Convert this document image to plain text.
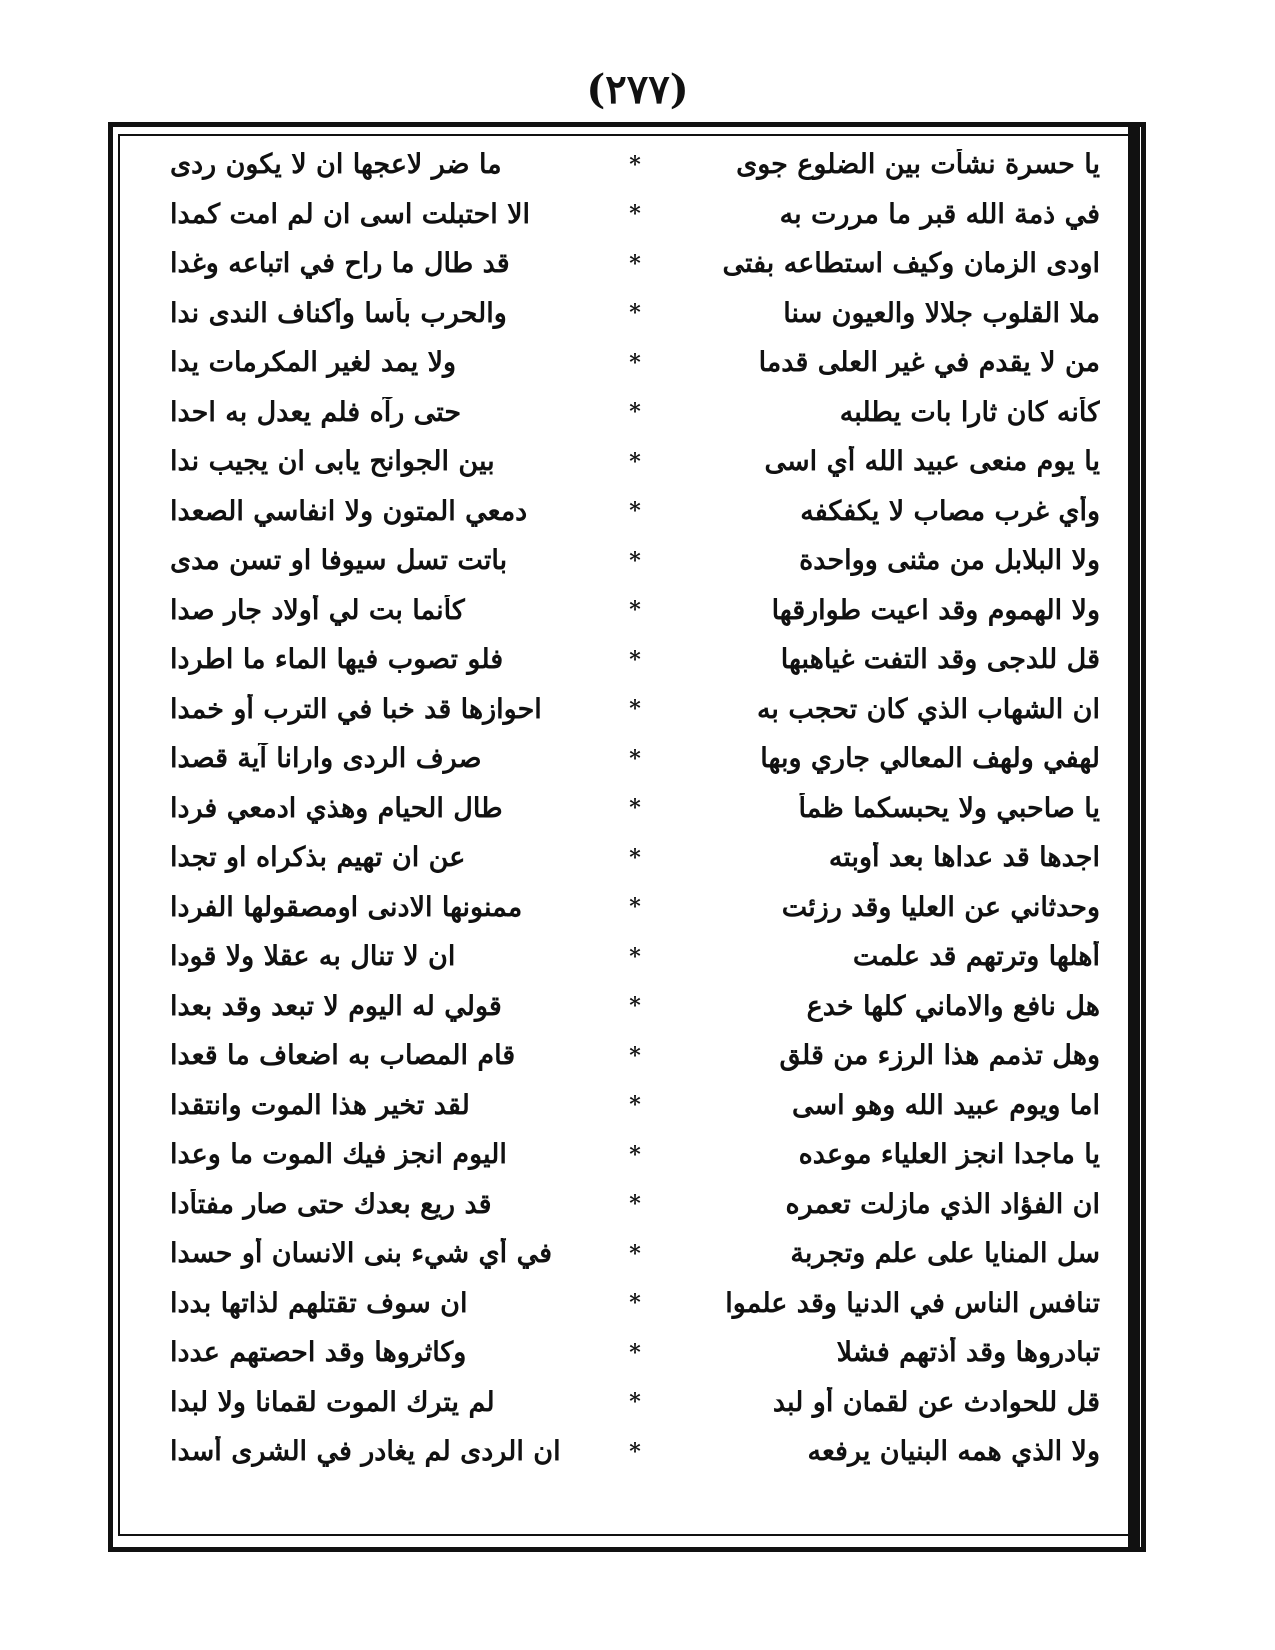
(٢٧٧)
يا حسرة نشأت بين الضلوع جوى
*
ما ضر لاعجها ان لا يكون ردى
في ذمة الله قبر ما مررت به
*
الا احتبلت اسى ان لم امت كمدا
اودى الزمان وكيف استطاعه بفتى
*
قد طال ما راح في اتباعه وغدا
ملا القلوب جلالا والعيون سنا
*
والحرب بأسا وأكناف الندى ندا
من لا يقدم في غير العلى قدما
*
ولا يمد لغير المكرمات يدا
كأنه كان ثارا بات يطلبه
*
حتى رآه فلم يعدل به احدا
يا يوم منعى عبيد الله أي اسى
*
بين الجوانح يابى ان يجيب ندا
وأي غرب مصاب لا يكفكفه
*
دمعي المتون ولا انفاسي الصعدا
ولا البلابل من مثنى وواحدة
*
باتت تسل سيوفا او تسن مدى
ولا الهموم وقد اعيت طوارقها
*
كأنما بت لي أولاد جار صدا
قل للدجى وقد التفت غياهبها
*
فلو تصوب فيها الماء ما اطردا
ان الشهاب الذي كان تحجب به
*
احوازها قد خبا في الترب أو خمدا
لهفي ولهف المعالي جاري وبها
*
صرف الردى وارانا آية قصدا
يا صاحبي ولا يحبسكما ظمأ
*
طال الحيام وهذي ادمعي فردا
اجدها قد عداها بعد أوبته
*
عن ان تهيم بذكراه او تجدا
وحدثاني عن العليا وقد رزئت
*
ممنونها الادنى اومصقولها الفردا
أهلها وترتهم قد علمت
*
ان لا تنال به عقلا ولا قودا
هل نافع والاماني كلها خدع
*
قولي له اليوم لا تبعد وقد بعدا
وهل تذمم هذا الرزء من قلق
*
قام المصاب به اضعاف ما قعدا
اما ويوم عبيد الله وهو اسى
*
لقد تخير هذا الموت وانتقدا
يا ماجدا انجز العلياء موعده
*
اليوم انجز فيك الموت ما وعدا
ان الفؤاد الذي مازلت تعمره
*
قد ريع بعدك حتى صار مفتأدا
سل المنايا على علم وتجربة
*
في أي شيء بنى الانسان أو حسدا
تنافس الناس في الدنيا وقد علموا
*
ان سوف تقتلهم لذاتها بددا
تبادروها وقد أذتهم فشلا
*
وكاثروها وقد احصتهم عددا
قل للحوادث عن لقمان أو لبد
*
لم يترك الموت لقمانا ولا لبدا
ولا الذي همه البنيان يرفعه
*
ان الردى لم يغادر في الشرى أسدا
